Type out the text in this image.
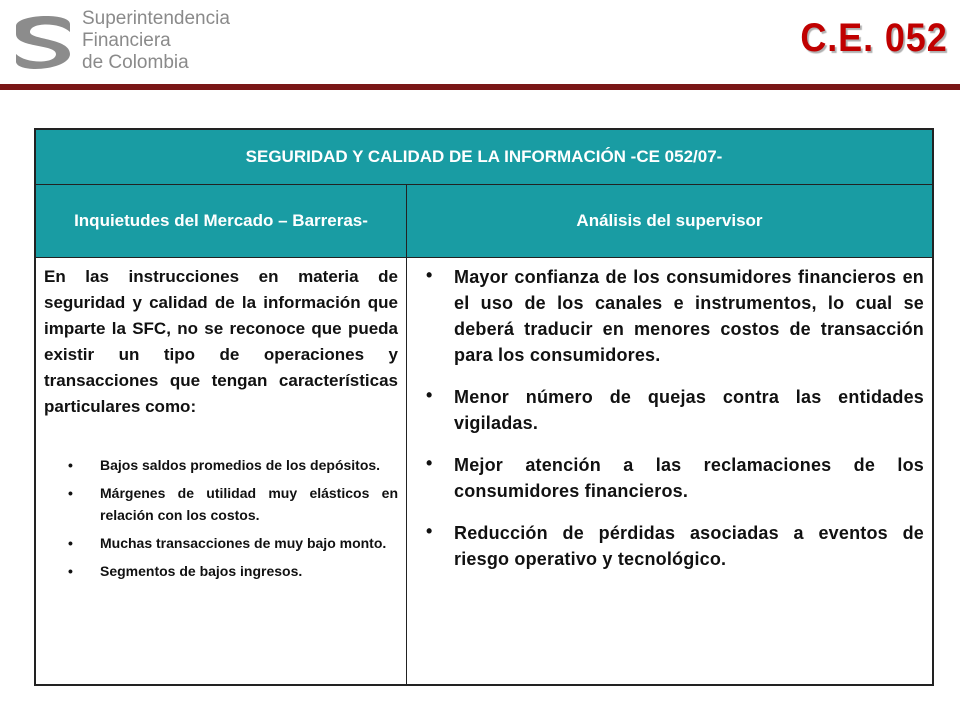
Superintendencia
Financiera
de Colombia
C.E. 052
SEGURIDAD Y CALIDAD DE LA INFORMACIÓN -CE 052/07-
Inquietudes del Mercado – Barreras-	Análisis del supervisor

En las instrucciones en materia de seguridad y calidad de la información que imparte la SFC, no se reconoce que pueda existir un tipo de operaciones y transacciones que tengan características particulares como:

• Bajos saldos promedios de los depósitos.
• Márgenes de utilidad muy elásticos en relación con los costos.
• Muchas transacciones de muy bajo monto.
• Segmentos de bajos ingresos.
• Mayor confianza de los consumidores financieros en el uso de los canales e instrumentos, lo cual se deberá traducir en menores costos de transacción para los consumidores.
• Menor número de quejas contra las entidades vigiladas.
• Mejor atención a las reclamaciones de los consumidores financieros.
• Reducción de pérdidas asociadas a eventos de riesgo operativo y tecnológico.
